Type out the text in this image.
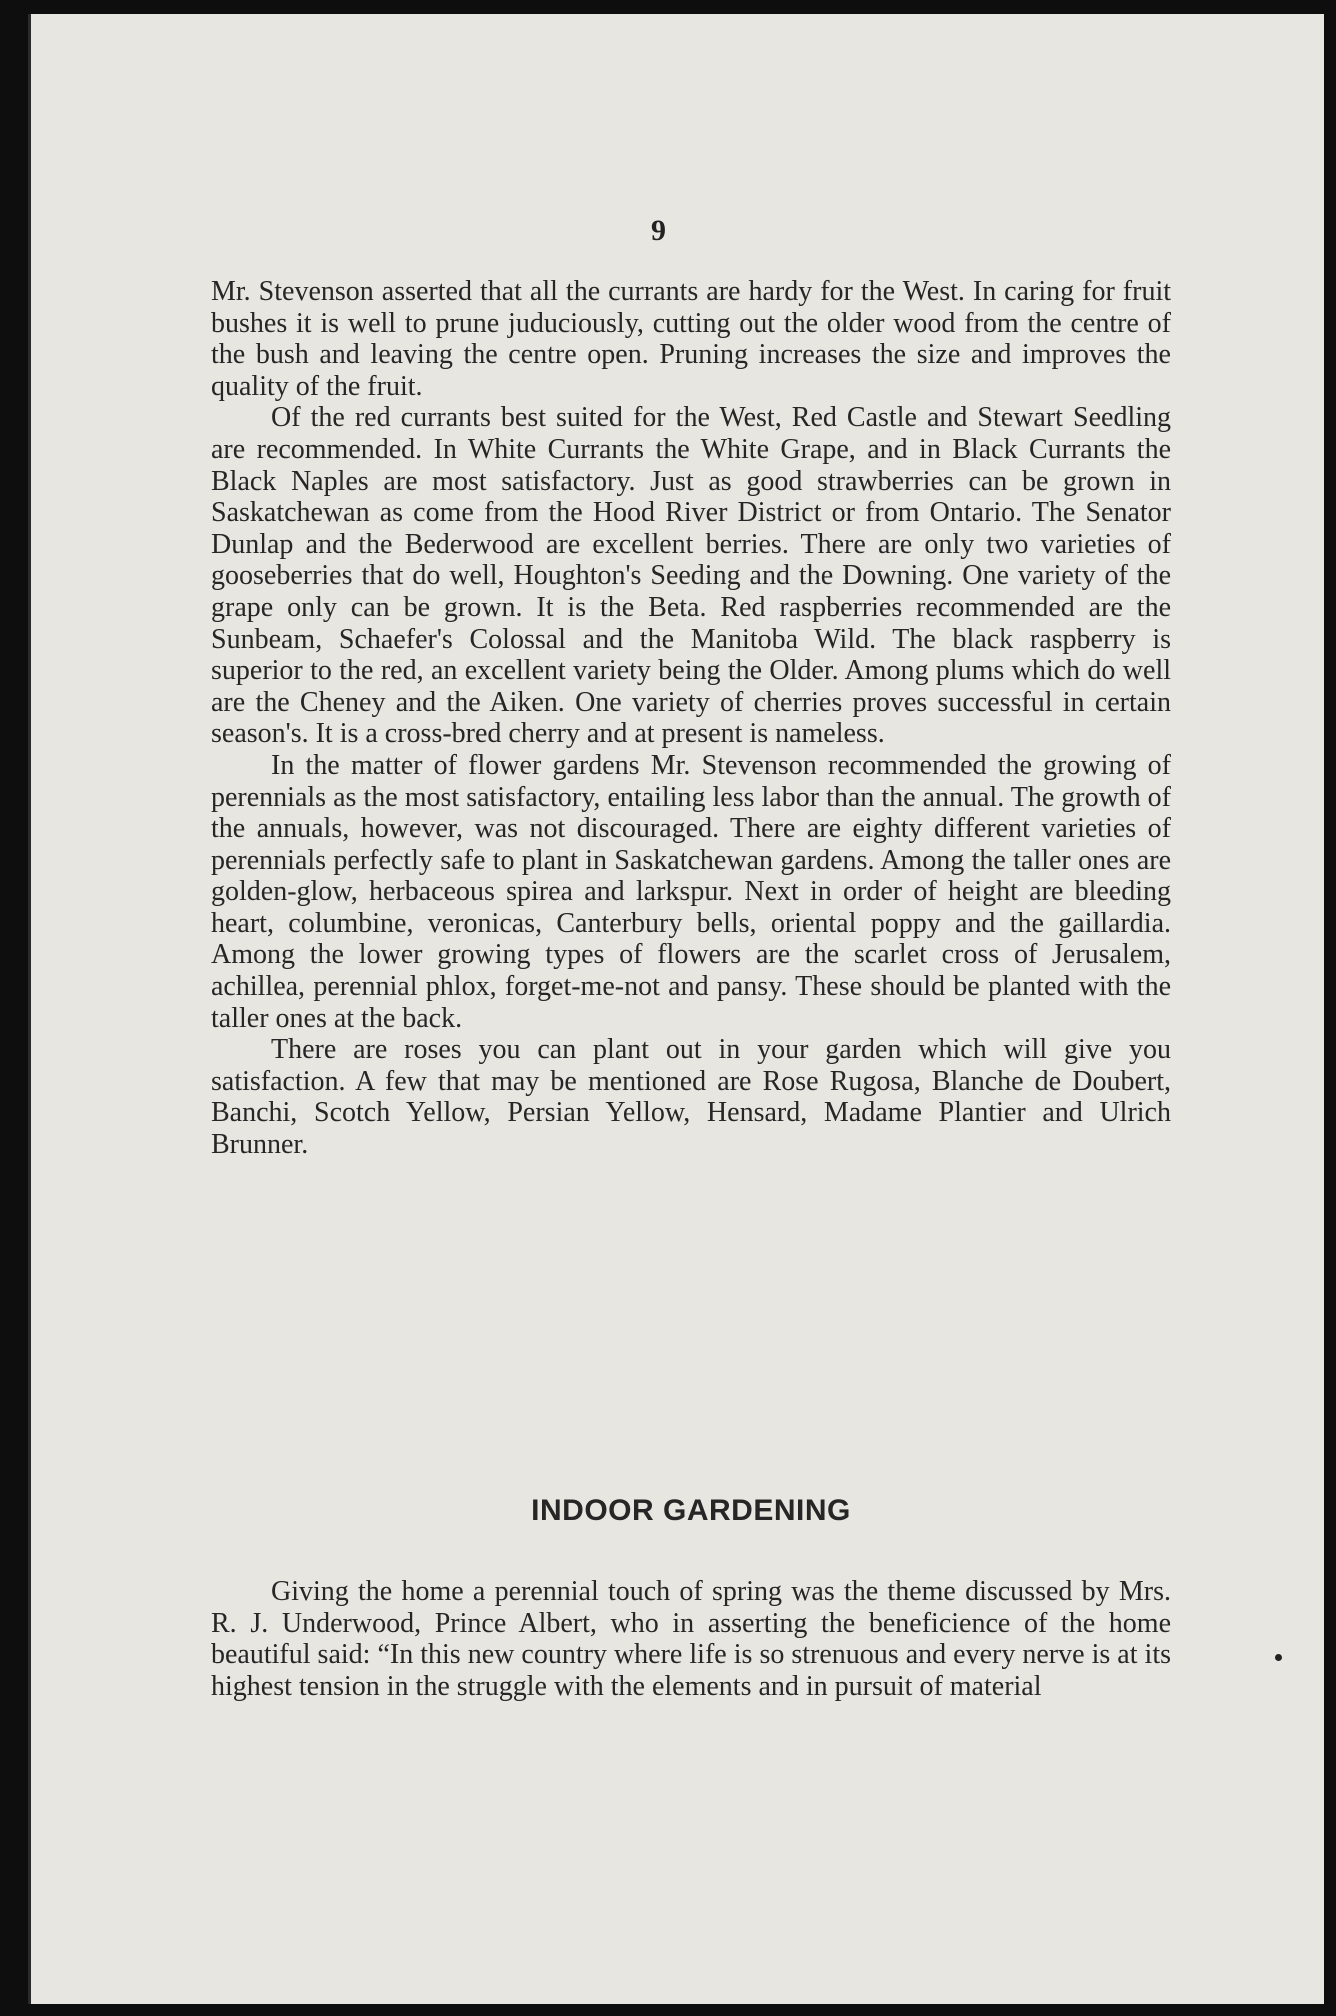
9

Mr. Stevenson asserted that all the currants are hardy for the West. In caring for fruit bushes it is well to prune juduciously, cutting out the older wood from the centre of the bush and leaving the centre open. Pruning increases the size and improves the quality of the fruit.

Of the red currants best suited for the West, Red Castle and Stewart Seedling are recommended. In White Currants the White Grape, and in Black Currants the Black Naples are most satisfactory. Just as good strawberries can be grown in Saskatchewan as come from the Hood River District or from Ontario. The Senator Dunlap and the Bederwood are excellent berries. There are only two varieties of gooseberries that do well, Houghton's Seeding and the Downing. One variety of the grape only can be grown. It is the Beta. Red raspberries recommended are the Sunbeam, Schaefer's Colossal and the Manitoba Wild. The black raspberry is superior to the red, an excellent variety being the Older. Among plums which do well are the Cheney and the Aiken. One variety of cherries proves successful in certain season's. It is a cross-bred cherry and at present is nameless.

In the matter of flower gardens Mr. Stevenson recommended the growing of perennials as the most satisfactory, entailing less labor than the annual. The growth of the annuals, however, was not discouraged. There are eighty different varieties of perennials perfectly safe to plant in Saskatchewan gardens. Among the taller ones are golden-glow, herbaceous spirea and larkspur. Next in order of height are bleeding heart, columbine, veronicas, Canterbury bells, oriental poppy and the gaillardia. Among the lower growing types of flowers are the scarlet cross of Jerusalem, achillea, perennial phlox, forget-me-not and pansy. These should be planted with the taller ones at the back.

There are roses you can plant out in your garden which will give you satisfaction. A few that may be mentioned are Rose Rugosa, Blanche de Doubert, Banchi, Scotch Yellow, Persian Yellow, Hensard, Madame Plantier and Ulrich Brunner.

INDOOR GARDENING

Giving the home a perennial touch of spring was the theme discussed by Mrs. R. J. Underwood, Prince Albert, who in asserting the beneficience of the home beautiful said: “In this new country where life is so strenuous and every nerve is at its highest tension in the struggle with the elements and in pursuit of material
